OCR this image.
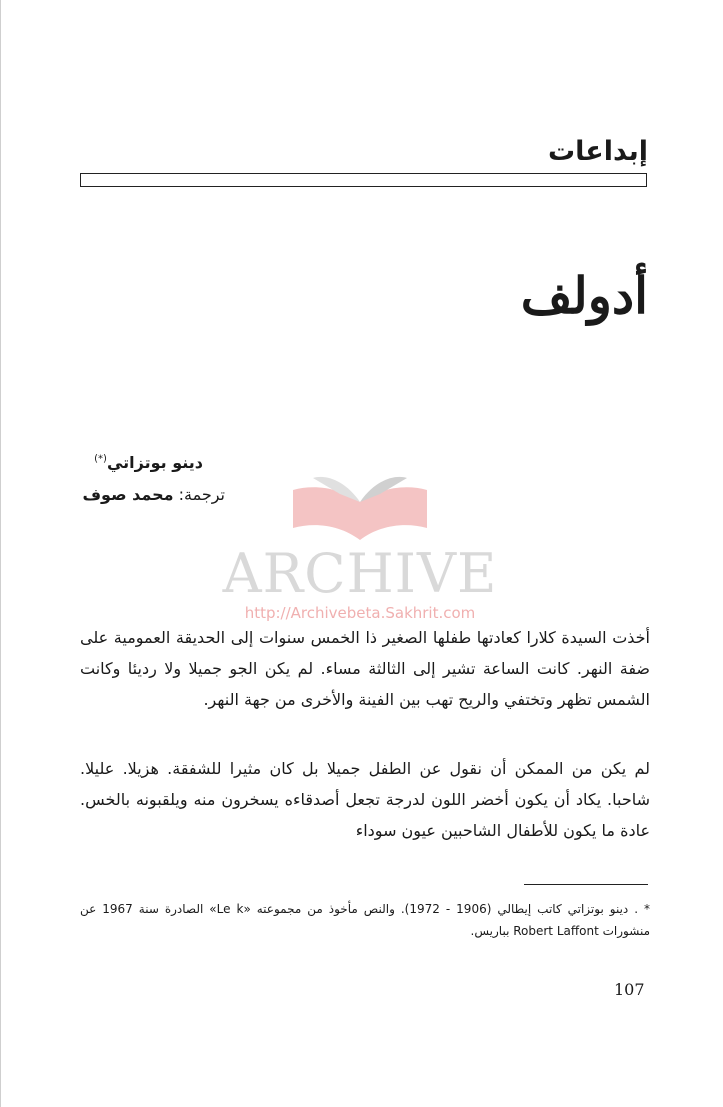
إبداعات
أدولف
دينو بوتزاتي(*)
ترجمة: محمد صوف
ARCHIVE
http://Archivebeta.Sakhrit.com

أخذت السيدة كلارا كعادتها طفلها الصغير ذا الخمس سنوات إلى الحديقة العمومية على ضفة النهر. كانت الساعة تشير إلى الثالثة مساء. لم يكن الجو جميلا ولا رديئا وكانت الشمس تظهر وتختفي والريح تهب بين الفينة والأخرى من جهة النهر.

لم يكن من الممكن أن نقول عن الطفل جميلا بل كان مثيرا للشفقة. هزيلا. عليلا. شاحبا. يكاد أن يكون أخضر اللون لدرجة تجعل أصدقاءه يسخرون منه ويلقبونه بالخس. عادة ما يكون للأطفال الشاحبين عيون سوداء

* . دينو بوتزاتي كاتب إيطالي (1906 - 1972). والنص مأخوذ من مجموعته «Le k» الصادرة سنة 1967 عن منشورات Robert Laffont بباريس.

107
